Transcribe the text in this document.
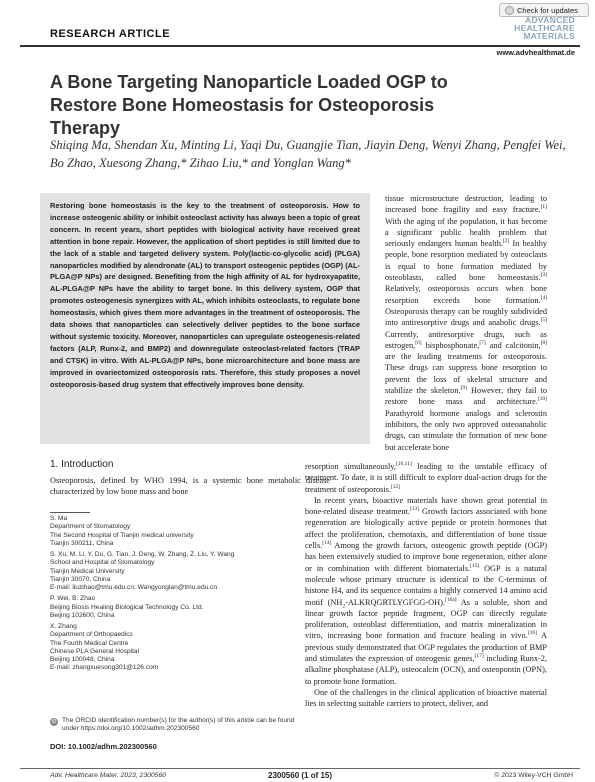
Check for updates
RESEARCH ARTICLE
ADVANCED
HEALTHCARE
MATERIALS
www.advhealthmat.de
A Bone Targeting Nanoparticle Loaded OGP to Restore Bone Homeostasis for Osteoporosis Therapy
Shiqing Ma, Shendan Xu, Minting Li, Yaqi Du, Guangjie Tian, Jiayin Deng, Wenyi Zhang, Pengfei Wei, Bo Zhao, Xuesong Zhang,* Zihao Liu,* and Yonglan Wang*

Restoring bone homeostasis is the key to the treatment of osteoporosis. How to increase osteogenic ability or inhibit osteoclast activity has always been a topic of great concern. In recent years, short peptides with biological activity have received great attention in bone repair. However, the application of short peptides is still limited due to the lack of a stable and targeted delivery system. Poly(lactic-co-glycolic acid) (PLGA) nanoparticles modified by alendronate (AL) to transport osteogenic peptides (OGP) (AL-PLGA@P NPs) are designed. Benefiting from the high affinity of AL for hydroxyapatite, AL-PLGA@P NPs have the ability to target bone. In this delivery system, OGP that promotes osteogenesis synergizes with AL, which inhibits osteoclasts, to regulate bone homeostasis, which gives them more advantages in the treatment of osteoporosis. The data shows that nanoparticles can selectively deliver peptides to the bone surface without systemic toxicity. Moreover, nanoparticles can upregulate osteogenesis-related factors (ALP, Runx-2, and BMP2) and downregulate osteoclast-related factors (TRAP and CTSK) in vitro. With AL-PLGA@P NPs, bone microarchitecture and bone mass are improved in ovariectomized osteoporosis rats. Therefore, this study proposes a novel osteoporosis-based drug system that effectively improves bone density.

tissue microstructure destruction, leading to increased bone fragility and easy fracture.[1] With the aging of the population, it has become a significant public health problem that seriously endangers human health.[2] In healthy people, bone resorption mediated by osteoclasts is equal to bone formation mediated by osteoblasts, called bone homeostasis.[3] Relatively, osteoporosis occurs when bone resorption exceeds bone formation.[4] Osteoporosis therapy can be roughly subdivided into antiresorptive drugs and anabolic drugs.[5] Currently, antiresorptive drugs, such as estrogen,[6] bisphosphonate,[7] and calcitonin,[8] are the leading treatments for osteoporosis. These drugs can suppress bone resorption to prevent the loss of skeletal structure and stabilize the skeleton.[9] However, they fail to restore bone mass and architecture.[10] Parathyroid hormone analogs and sclerostin inhibitors, the only two approved osteoanabolic drugs, can stimulate the formation of new bone but accelerate bone

1. Introduction
Osteoporosis, defined by WHO 1994, is a systemic bone metabolic disease characterized by low bone mass and bone
S. Ma
Department of Stomatology
The Second Hospital of Tianjin medical university
Tianjin 300211, China
S. Xu, M. Li, Y. Du, G. Tian, J. Deng, W. Zhang, Z. Liu, Y. Wang
School and Hospital of Stomatology
Tianjin Medical University
Tianjin 30070, China
E-mail: liuzihao@tmu.edu.cn; Wangyonglan@tmu.edu.cn
P. Wei, B. Zhao
Beijing Biosis Healing Biological Technology Co. Ltd.
Beijing 102600, China
X. Zhang
Department of Orthopaedics
The Fourth Medical Centre
Chinese PLA General Hospital
Beijing 100048, China
E-mail: zhangxuesong301@126.com
iD The ORCID identification number(s) for the author(s) of this article can be found under https://doi.org/10.1002/adhm.202300560
DOI: 10.1002/adhm.202300560

resorption simultaneously,[10,11] leading to the unstable efficacy of treatment. To date, it is still difficult to explore dual-action drugs for the treatment of osteoporosis.[12]

In recent years, bioactive materials have shown great potential in bone-related disease treatment.[13] Growth factors associated with bone regeneration are biologically active peptide or protein hormones that affect the proliferation, chemotaxis, and differentiation of bone tissue cells.[14] Among the growth factors, osteogenic growth peptide (OGP) has been extensively studied to improve bone regeneration, either alone or in combination with different biomaterials.[15] OGP is a natural molecule whose primary structure is identical to the C-terminus of histone H4, and its sequence contains a highly conserved 14 amino acid motif $(NH_2-ALKRQGRTLYGFGG-OH).[16a]$ As a soluble, short and linear growth factor peptide fragment, OGP can directly regulate proliferation, osteoblast differentiation, and matrix mineralization in vitro, increasing bone formation and fracture healing in vivo.[16] A previous study demonstrated that OGP regulates the production of BMP and stimulates the expression of osteogenic genes,[17] including Runx-2, alkaline phosphatase (ALP), osteocalcin (OCN), and osteopontin (OPN), to promote bone formation.

One of the challenges in the clinical application of bioactive material lies in selecting suitable carriers to protect, deliver, and

Adv. Healthcare Mater. 2023, 2300560	2300560 (1 of 15)	© 2023 Wiley-VCH GmbH
